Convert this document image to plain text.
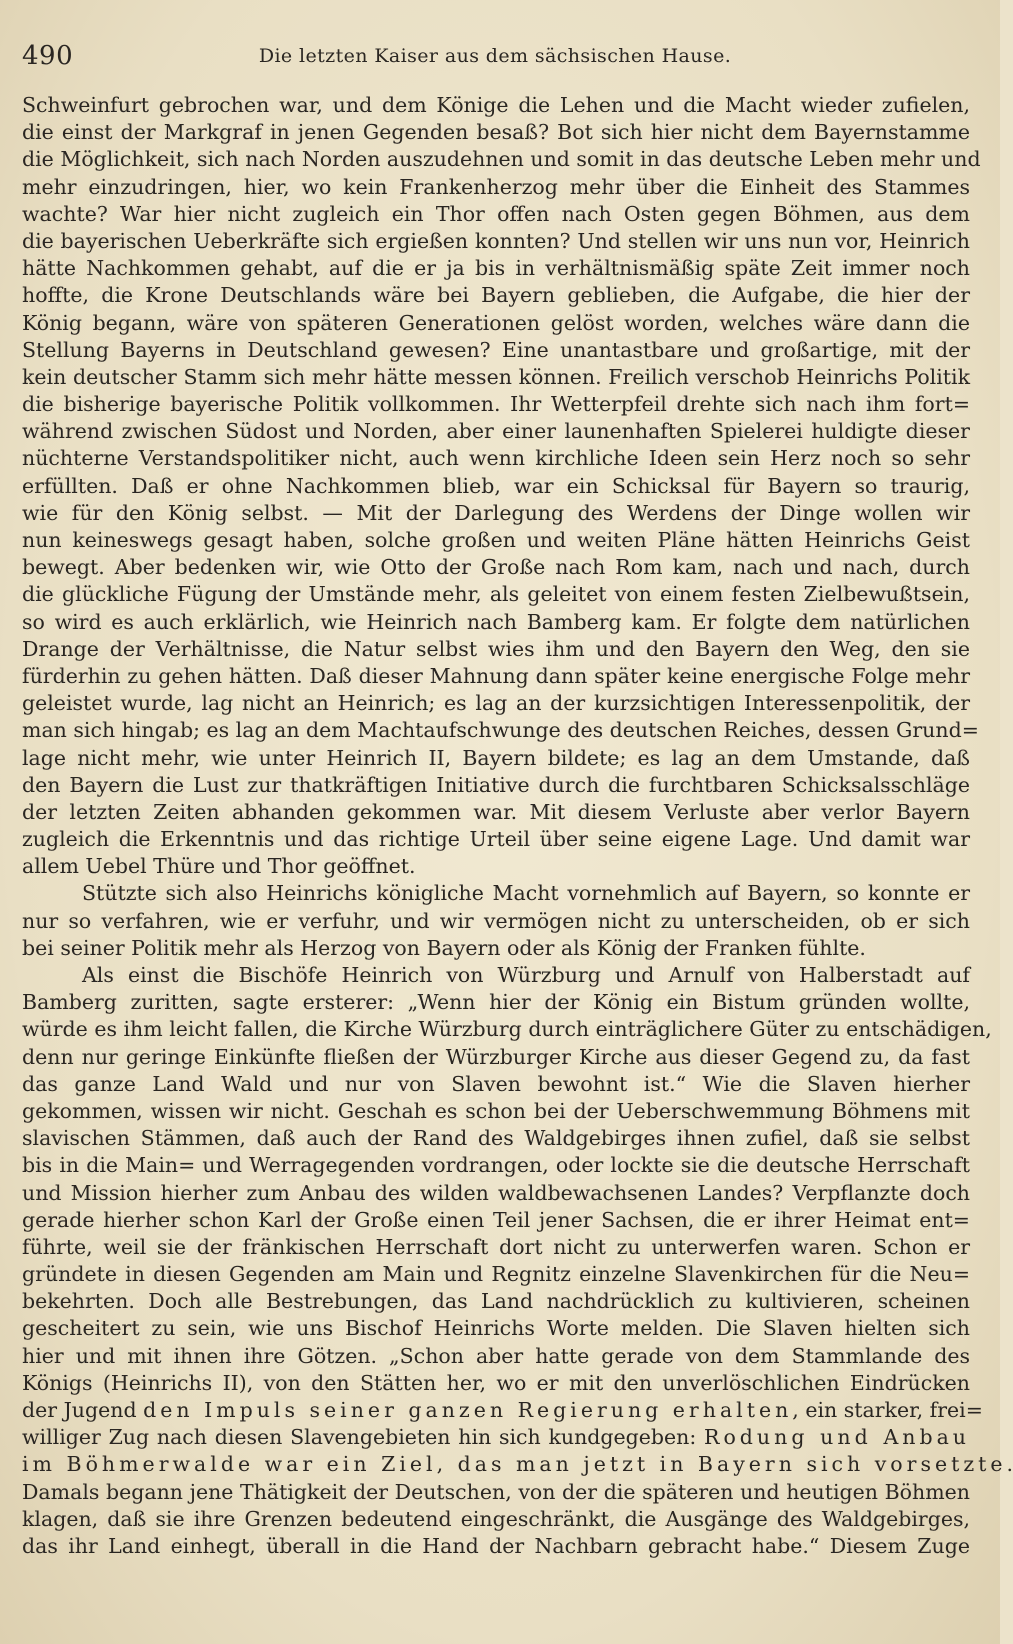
490	Die letzten Kaiser aus dem sächsischen Hause.
Schweinfurt gebrochen war, und dem Könige die Lehen und die Macht wieder zufielen,
die einst der Markgraf in jenen Gegenden besaß? Bot sich hier nicht dem Bayernstamme
die Möglichkeit, sich nach Norden auszudehnen und somit in das deutsche Leben mehr und
mehr einzudringen, hier, wo kein Frankenherzog mehr über die Einheit des Stammes
wachte? War hier nicht zugleich ein Thor offen nach Osten gegen Böhmen, aus dem
die bayerischen Ueberkräfte sich ergießen konnten? Und stellen wir uns nun vor, Heinrich
hätte Nachkommen gehabt, auf die er ja bis in verhältnismäßig späte Zeit immer noch
hoffte, die Krone Deutschlands wäre bei Bayern geblieben, die Aufgabe, die hier der
König begann, wäre von späteren Generationen gelöst worden, welches wäre dann die
Stellung Bayerns in Deutschland gewesen? Eine unantastbare und großartige, mit der
kein deutscher Stamm sich mehr hätte messen können. Freilich verschob Heinrichs Politik
die bisherige bayerische Politik vollkommen. Ihr Wetterpfeil drehte sich nach ihm fort=
während zwischen Südost und Norden, aber einer launenhaften Spielerei huldigte dieser
nüchterne Verstandspolitiker nicht, auch wenn kirchliche Ideen sein Herz noch so sehr
erfüllten. Daß er ohne Nachkommen blieb, war ein Schicksal für Bayern so traurig,
wie für den König selbst. — Mit der Darlegung des Werdens der Dinge wollen wir
nun keineswegs gesagt haben, solche großen und weiten Pläne hätten Heinrichs Geist
bewegt. Aber bedenken wir, wie Otto der Große nach Rom kam, nach und nach, durch
die glückliche Fügung der Umstände mehr, als geleitet von einem festen Zielbewußtsein,
so wird es auch erklärlich, wie Heinrich nach Bamberg kam. Er folgte dem natürlichen
Drange der Verhältnisse, die Natur selbst wies ihm und den Bayern den Weg, den sie
fürderhin zu gehen hätten. Daß dieser Mahnung dann später keine energische Folge mehr
geleistet wurde, lag nicht an Heinrich; es lag an der kurzsichtigen Interessenpolitik, der
man sich hingab; es lag an dem Machtaufschwunge des deutschen Reiches, dessen Grund=
lage nicht mehr, wie unter Heinrich II, Bayern bildete; es lag an dem Umstande, daß
den Bayern die Lust zur thatkräftigen Initiative durch die furchtbaren Schicksalsschläge
der letzten Zeiten abhanden gekommen war. Mit diesem Verluste aber verlor Bayern
zugleich die Erkenntnis und das richtige Urteil über seine eigene Lage. Und damit war
allem Uebel Thüre und Thor geöffnet.
Stützte sich also Heinrichs königliche Macht vornehmlich auf Bayern, so konnte er
nur so verfahren, wie er verfuhr, und wir vermögen nicht zu unterscheiden, ob er sich
bei seiner Politik mehr als Herzog von Bayern oder als König der Franken fühlte.
Als einst die Bischöfe Heinrich von Würzburg und Arnulf von Halberstadt auf
Bamberg zuritten, sagte ersterer: „Wenn hier der König ein Bistum gründen wollte,
würde es ihm leicht fallen, die Kirche Würzburg durch einträglichere Güter zu entschädigen,
denn nur geringe Einkünfte fließen der Würzburger Kirche aus dieser Gegend zu, da fast
das ganze Land Wald und nur von Slaven bewohnt ist.“ Wie die Slaven hierher
gekommen, wissen wir nicht. Geschah es schon bei der Ueberschwemmung Böhmens mit
slavischen Stämmen, daß auch der Rand des Waldgebirges ihnen zufiel, daß sie selbst
bis in die Main= und Werragegenden vordrangen, oder lockte sie die deutsche Herrschaft
und Mission hierher zum Anbau des wilden waldbewachsenen Landes? Verpflanzte doch
gerade hierher schon Karl der Große einen Teil jener Sachsen, die er ihrer Heimat ent=
führte, weil sie der fränkischen Herrschaft dort nicht zu unterwerfen waren. Schon er
gründete in diesen Gegenden am Main und Regnitz einzelne Slavenkirchen für die Neu=
bekehrten. Doch alle Bestrebungen, das Land nachdrücklich zu kultivieren, scheinen
gescheitert zu sein, wie uns Bischof Heinrichs Worte melden. Die Slaven hielten sich
hier und mit ihnen ihre Götzen. „Schon aber hatte gerade von dem Stammlande des
Königs (Heinrichs II), von den Stätten her, wo er mit den unverlöschlichen Eindrücken
der Jugend den Impuls seiner ganzen Regierung erhalten, ein starker, frei=
williger Zug nach diesen Slavengebieten hin sich kundgegeben: Rodung und Anbau
im Böhmerwalde war ein Ziel, das man jetzt in Bayern sich vorsetzte.
Damals begann jene Thätigkeit der Deutschen, von der die späteren und heutigen Böhmen
klagen, daß sie ihre Grenzen bedeutend eingeschränkt, die Ausgänge des Waldgebirges,
das ihr Land einhegt, überall in die Hand der Nachbarn gebracht habe.“ Diesem Zuge
